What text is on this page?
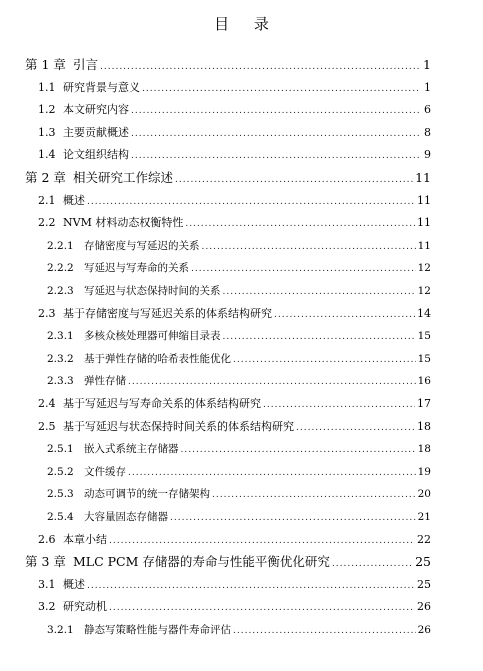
目 录
第 1 章 引言 .....	1
1.1 研究背景与意义 .....	1
1.2 本文研究内容 .....	6
1.3 主要贡献概述 .....	8
1.4 论文组织结构 .....	9
第 2 章 相关研究工作综述 .....	11
2.1 概述 .....	11
2.2 NVM 材料动态权衡特性 .....	11
2.2.1 存储密度与写延迟的关系 .....	11
2.2.2 写延迟与写寿命的关系 .....	12
2.2.3 写延迟与状态保持时间的关系 .....	12
2.3 基于存储密度与写延迟关系的体系结构研究 .....	14
2.3.1 多核众核处理器可伸缩目录表 .....	15
2.3.2 基于弹性存储的哈希表性能优化 .....	15
2.3.3 弹性存储 .....	16
2.4 基于写延迟与写寿命关系的体系结构研究 .....	17
2.5 基于写延迟与状态保持时间关系的体系结构研究 .....	18
2.5.1 嵌入式系统主存储器 .....	18
2.5.2 文件缓存 .....	19
2.5.3 动态可调节的统一存储架构 .....	20
2.5.4 大容量固态存储器 .....	21
2.6 本章小结 .....	22
第 3 章 MLC PCM 存储器的寿命与性能平衡优化研究 .....	25
3.1 概述 .....	25
3.2 研究动机 .....	26
3.2.1 静态写策略性能与器件寿命评估 .....	26
